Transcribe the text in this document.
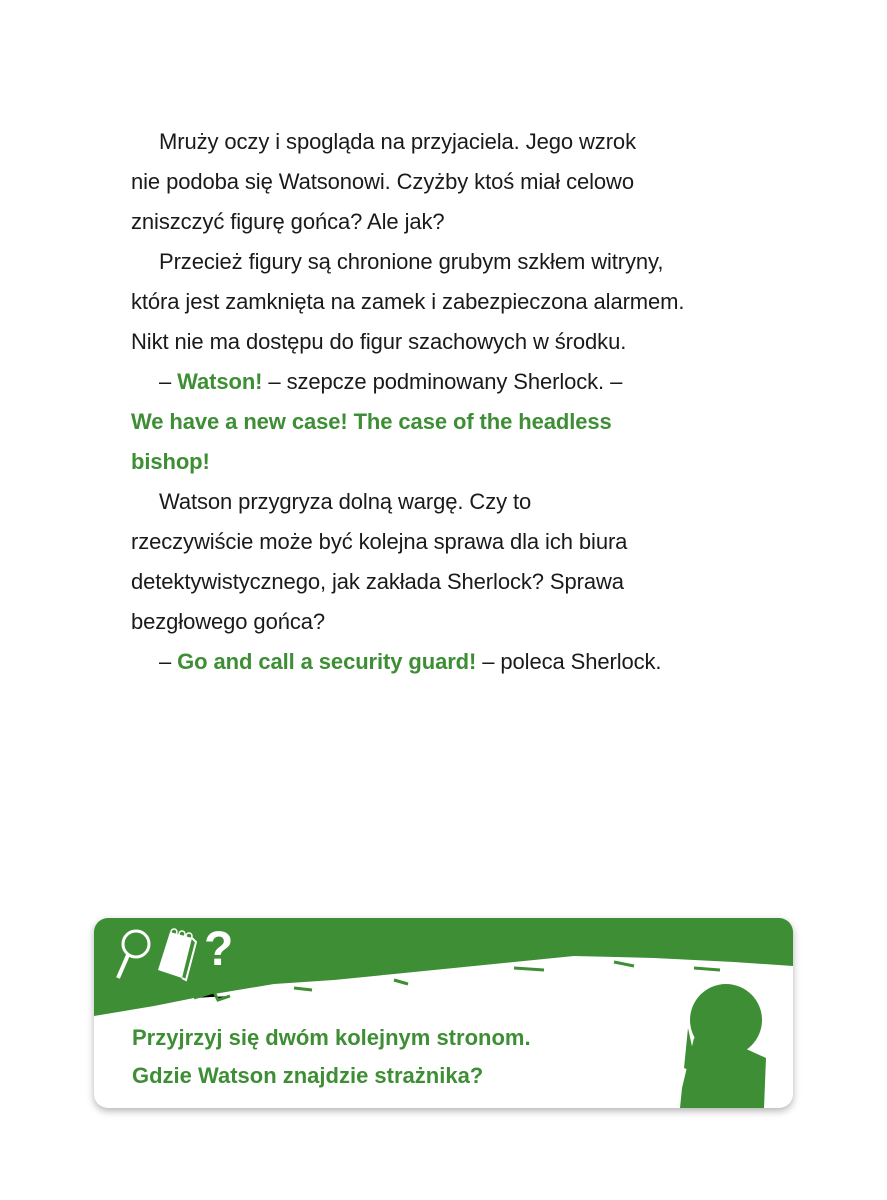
Mruży oczy i spogląda na przyjaciela. Jego wzrok
nie podoba się Watsonowi. Czyżby ktoś miał celowo
zniszczyć figurę gońca? Ale jak?
Przecież figury są chronione grubym szkłem witryny,
która jest zamknięta na zamek i zabezpieczona alarmem.
Nikt nie ma dostępu do figur szachowych w środku.
– Watson! – szepcze podminowany Sherlock. –
We have a new case! The case of the headless
bishop!
Watson przygryza dolną wargę. Czy to
rzeczywiście może być kolejna sprawa dla ich biura
detektywistycznego, jak zakłada Sherlock? Sprawa
bezgłowego gońca?
– Go and call a security guard! – poleca Sherlock.
?
Przyjrzyj się dwóm kolejnym stronom.
Gdzie Watson znajdzie strażnika?
